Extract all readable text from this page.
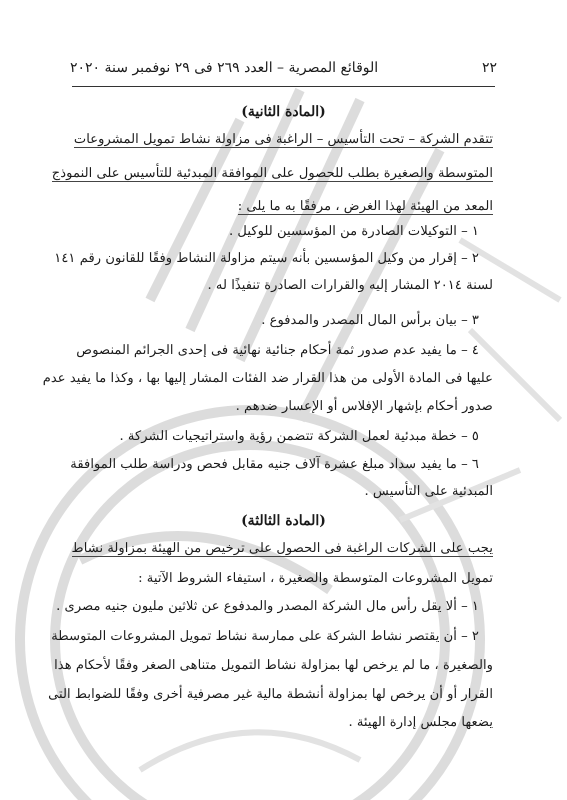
٢٢
الوقائع المصرية – العدد ٢٦٩ فى ٢٩ نوفمبر سنة ٢٠٢٠
(المادة الثانية)
تتقدم الشركة – تحت التأسيس – الراغبة فى مزاولة نشاط تمويل المشروعات
المتوسطة والصغيرة بطلب للحصول على الموافقة المبدئية للتأسيس على النموذج
المعد من الهيئة لهذا الغرض ، مرفقًا به ما يلى :
١ – التوكيلات الصادرة من المؤسسين للوكيل .
٢ – إقرار من وكيل المؤسسين بأنه سيتم مزاولة النشاط وفقًا للقانون رقم ١٤١
لسنة ٢٠١٤ المشار إليه والقرارات الصادرة تنفيذًا له .
٣ – بيان برأس المال المصدر والمدفوع .
٤ – ما يفيد عدم صدور ثمة أحكام جنائية نهائية فى إحدى الجرائم المنصوص
عليها فى المادة الأولى من هذا القرار ضد الفئات المشار إليها بها ، وكذا ما يفيد عدم
صدور أحكام بإشهار الإفلاس أو الإعسار ضدهم .
٥ – خطة مبدئية لعمل الشركة تتضمن رؤية واستراتيجيات الشركة .
٦ – ما يفيد سداد مبلغ عشرة آلاف جنيه مقابل فحص ودراسة طلب الموافقة
المبدئية على التأسيس .
(المادة الثالثة)
يجب على الشركات الراغبة فى الحصول على ترخيص من الهيئة بمزاولة نشاط
تمويل المشروعات المتوسطة والصغيرة ، استيفاء الشروط الآتية :
١ – ألا يقل رأس مال الشركة المصدر والمدفوع عن ثلاثين مليون جنيه مصرى .
٢ – أن يقتصر نشاط الشركة على ممارسة نشاط تمويل المشروعات المتوسطة
والصغيرة ، ما لم يرخص لها بمزاولة نشاط التمويل متناهى الصغر وفقًا لأحكام هذا
القرار أو أن يرخص لها بمزاولة أنشطة مالية غير مصرفية أخرى وفقًا للضوابط التى
يضعها مجلس إدارة الهيئة .
